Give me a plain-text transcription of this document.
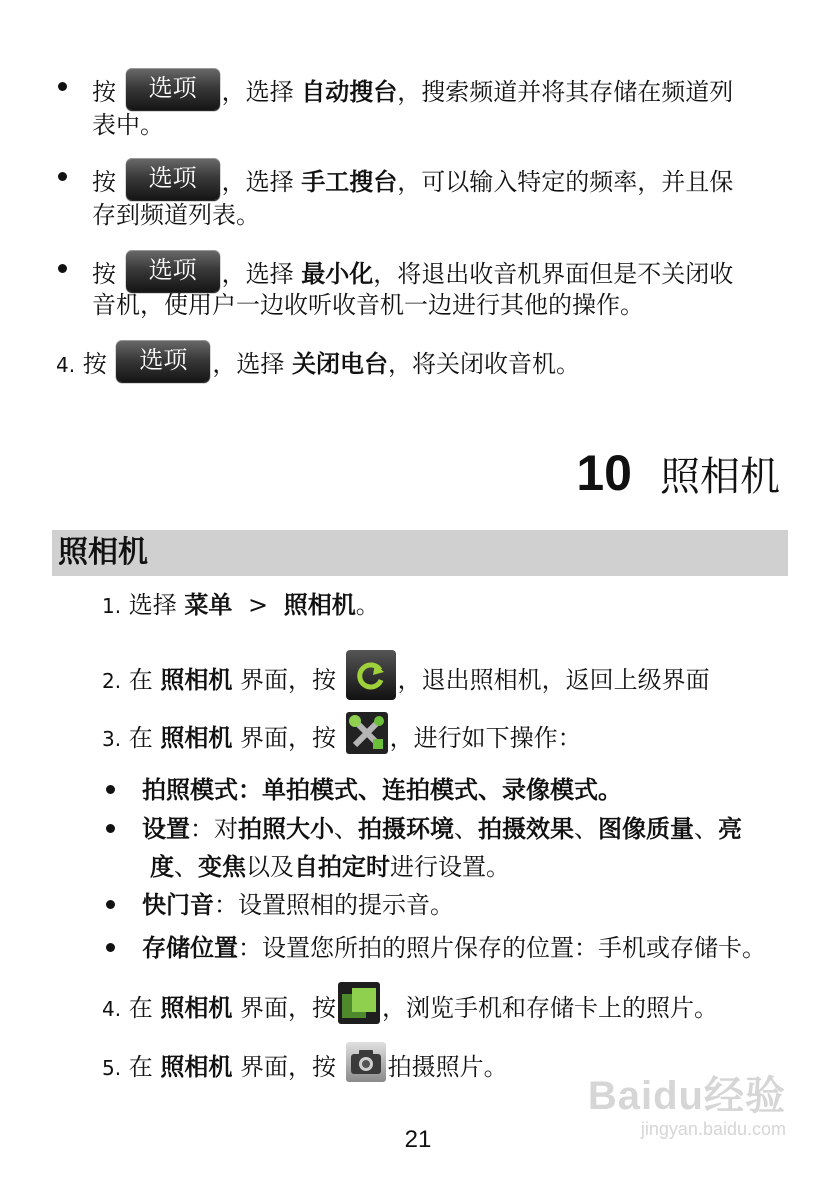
按 选项 ，选择 自动搜台，搜索频道并将其存储在频道列
表中。
按 选项 ，选择 手工搜台，可以输入特定的频率，并且保
存到频道列表。
按 选项 ，选择 最小化，将退出收音机界面但是不关闭收
音机，使用户一边收听收音机一边进行其他的操作。
4. 按 选项 ，选择 关闭电台，将关闭收音机。
10 照相机
照相机
1. 选择 菜单 > 照相机。
2. 在 照相机 界面，按	，退出照相机，返回上级界面
3. 在 照相机 界面，按 ，进行如下操作：
拍照模式：单拍模式、连拍模式、录像模式。
设置：对拍照大小、拍摄环境、拍摄效果、图像质量、亮
度、变焦以及自拍定时进行设置。
快门音：设置照相的提示音。
存储位置：设置您所拍的照片保存的位置：手机或存储卡。
4. 在 照相机 界面，按 ，浏览手机和存储卡上的照片。
5. 在 照相机 界面，按 拍摄照片。
Baidu经验
jingyan.baidu.com
21
